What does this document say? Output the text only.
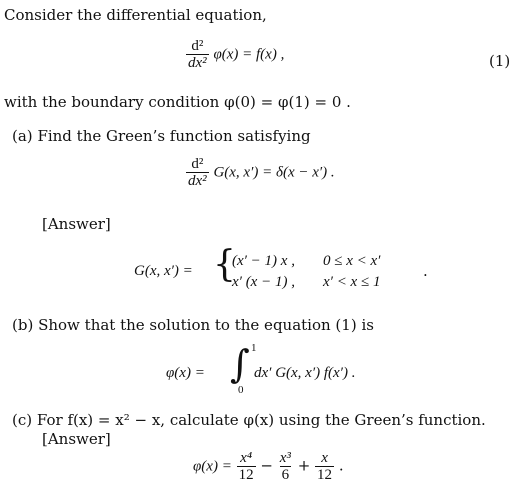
Consider the differential equation,
$\frac{\text{d²}}{\text{dx²}} \varphi(x) = f(x)$ ,	(1)
with the boundary condition φ(0) = φ(1) = 0 .
(a) Find the Green’s function satisfying
$\frac{\text{d²}}{\text{dx²}} G(x$, x′) = δ(x − x′) .
[Answer]
G(x, x′) = {
(x′ − 1) x , 0 ≤ x < x′
x′ (x − 1) , x′ < x ≤ 1
.
(b) Show that the solution to the equation (1) is
φ(x) = ∫ 1
0
dx′ G(x, x′) f(x′) .
(c) For f(x) = x² − x, calculate φ(x) using the Green’s function.
[Answer]
$\varphi(x) = \frac{\text{x⁴}}{12} - \frac{\text{x³}}{6} + \frac{x}{12}$ .
